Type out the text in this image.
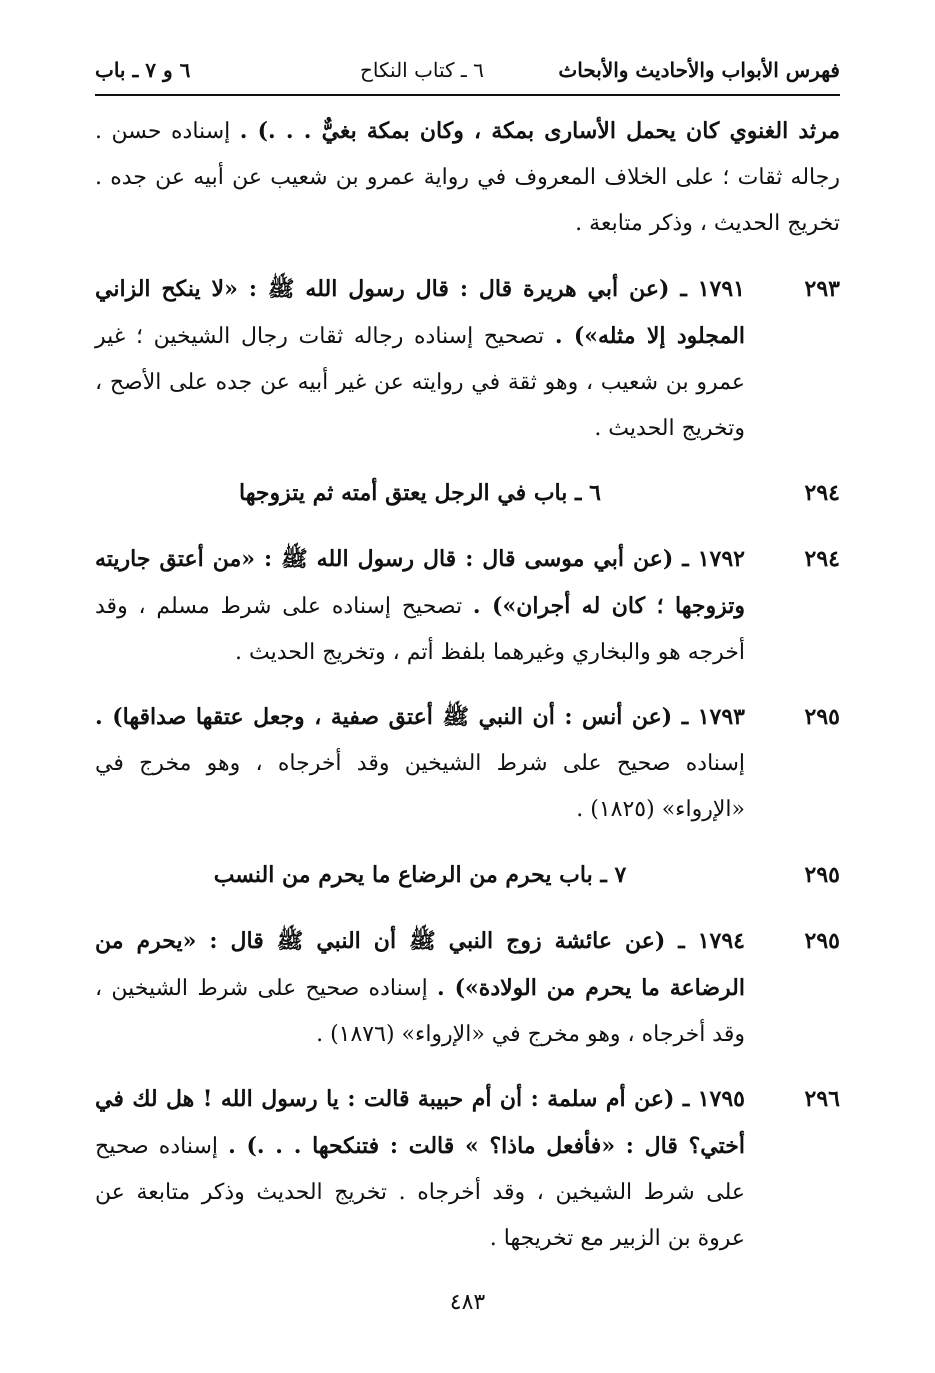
فهرس الأبواب والأحاديث والأبحاث
٦ ـ كتاب النكاح
٦ و ٧ ـ باب
مرثد الغنوي كان يحمل الأسارى بمكة ، وكان بمكة بغيٌّ . . .) . إسناده حسن . رجاله ثقات ؛ على الخلاف المعروف في رواية عمرو بن شعيب عن أبيه عن جده . تخريج الحديث ، وذكر متابعة .
٢٩٣
١٧٩١ ـ (عن أبي هريرة قال : قال رسول الله ﷺ : «لا ينكح الزاني المجلود إلا مثله») . تصحيح إسناده رجاله ثقات رجال الشيخين ؛ غير عمرو بن شعيب ، وهو ثقة في روايته عن غير أبيه عن جده على الأصح ، وتخريج الحديث .
٢٩٤
٦ ـ باب في الرجل يعتق أمته ثم يتزوجها
٢٩٤
١٧٩٢ ـ (عن أبي موسى قال : قال رسول الله ﷺ : «من أعتق جاريته وتزوجها ؛ كان له أجران») . تصحيح إسناده على شرط مسلم ، وقد أخرجه هو والبخاري وغيرهما بلفظ أتم ، وتخريج الحديث .
٢٩٥
١٧٩٣ ـ (عن أنس : أن النبي ﷺ أعتق صفية ، وجعل عتقها صداقها) . إسناده صحيح على شرط الشيخين وقد أخرجاه ، وهو مخرج في «الإرواء» (١٨٢٥) .
٢٩٥
٧ ـ باب يحرم من الرضاع ما يحرم من النسب
٢٩٥
١٧٩٤ ـ (عن عائشة زوج النبي ﷺ أن النبي ﷺ قال : «يحرم من الرضاعة ما يحرم من الولادة») . إسناده صحيح على شرط الشيخين ، وقد أخرجاه ، وهو مخرج في «الإرواء» (١٨٧٦) .
٢٩٦
١٧٩٥ ـ (عن أم سلمة : أن أم حبيبة قالت : يا رسول الله ! هل لك في أختي؟ قال : «فأفعل ماذا؟ » قالت : فتنكحها . . .) . إسناده صحيح على شرط الشيخين ، وقد أخرجاه . تخريج الحديث وذكر متابعة عن عروة بن الزبير مع تخريجها .
٤٨٣
